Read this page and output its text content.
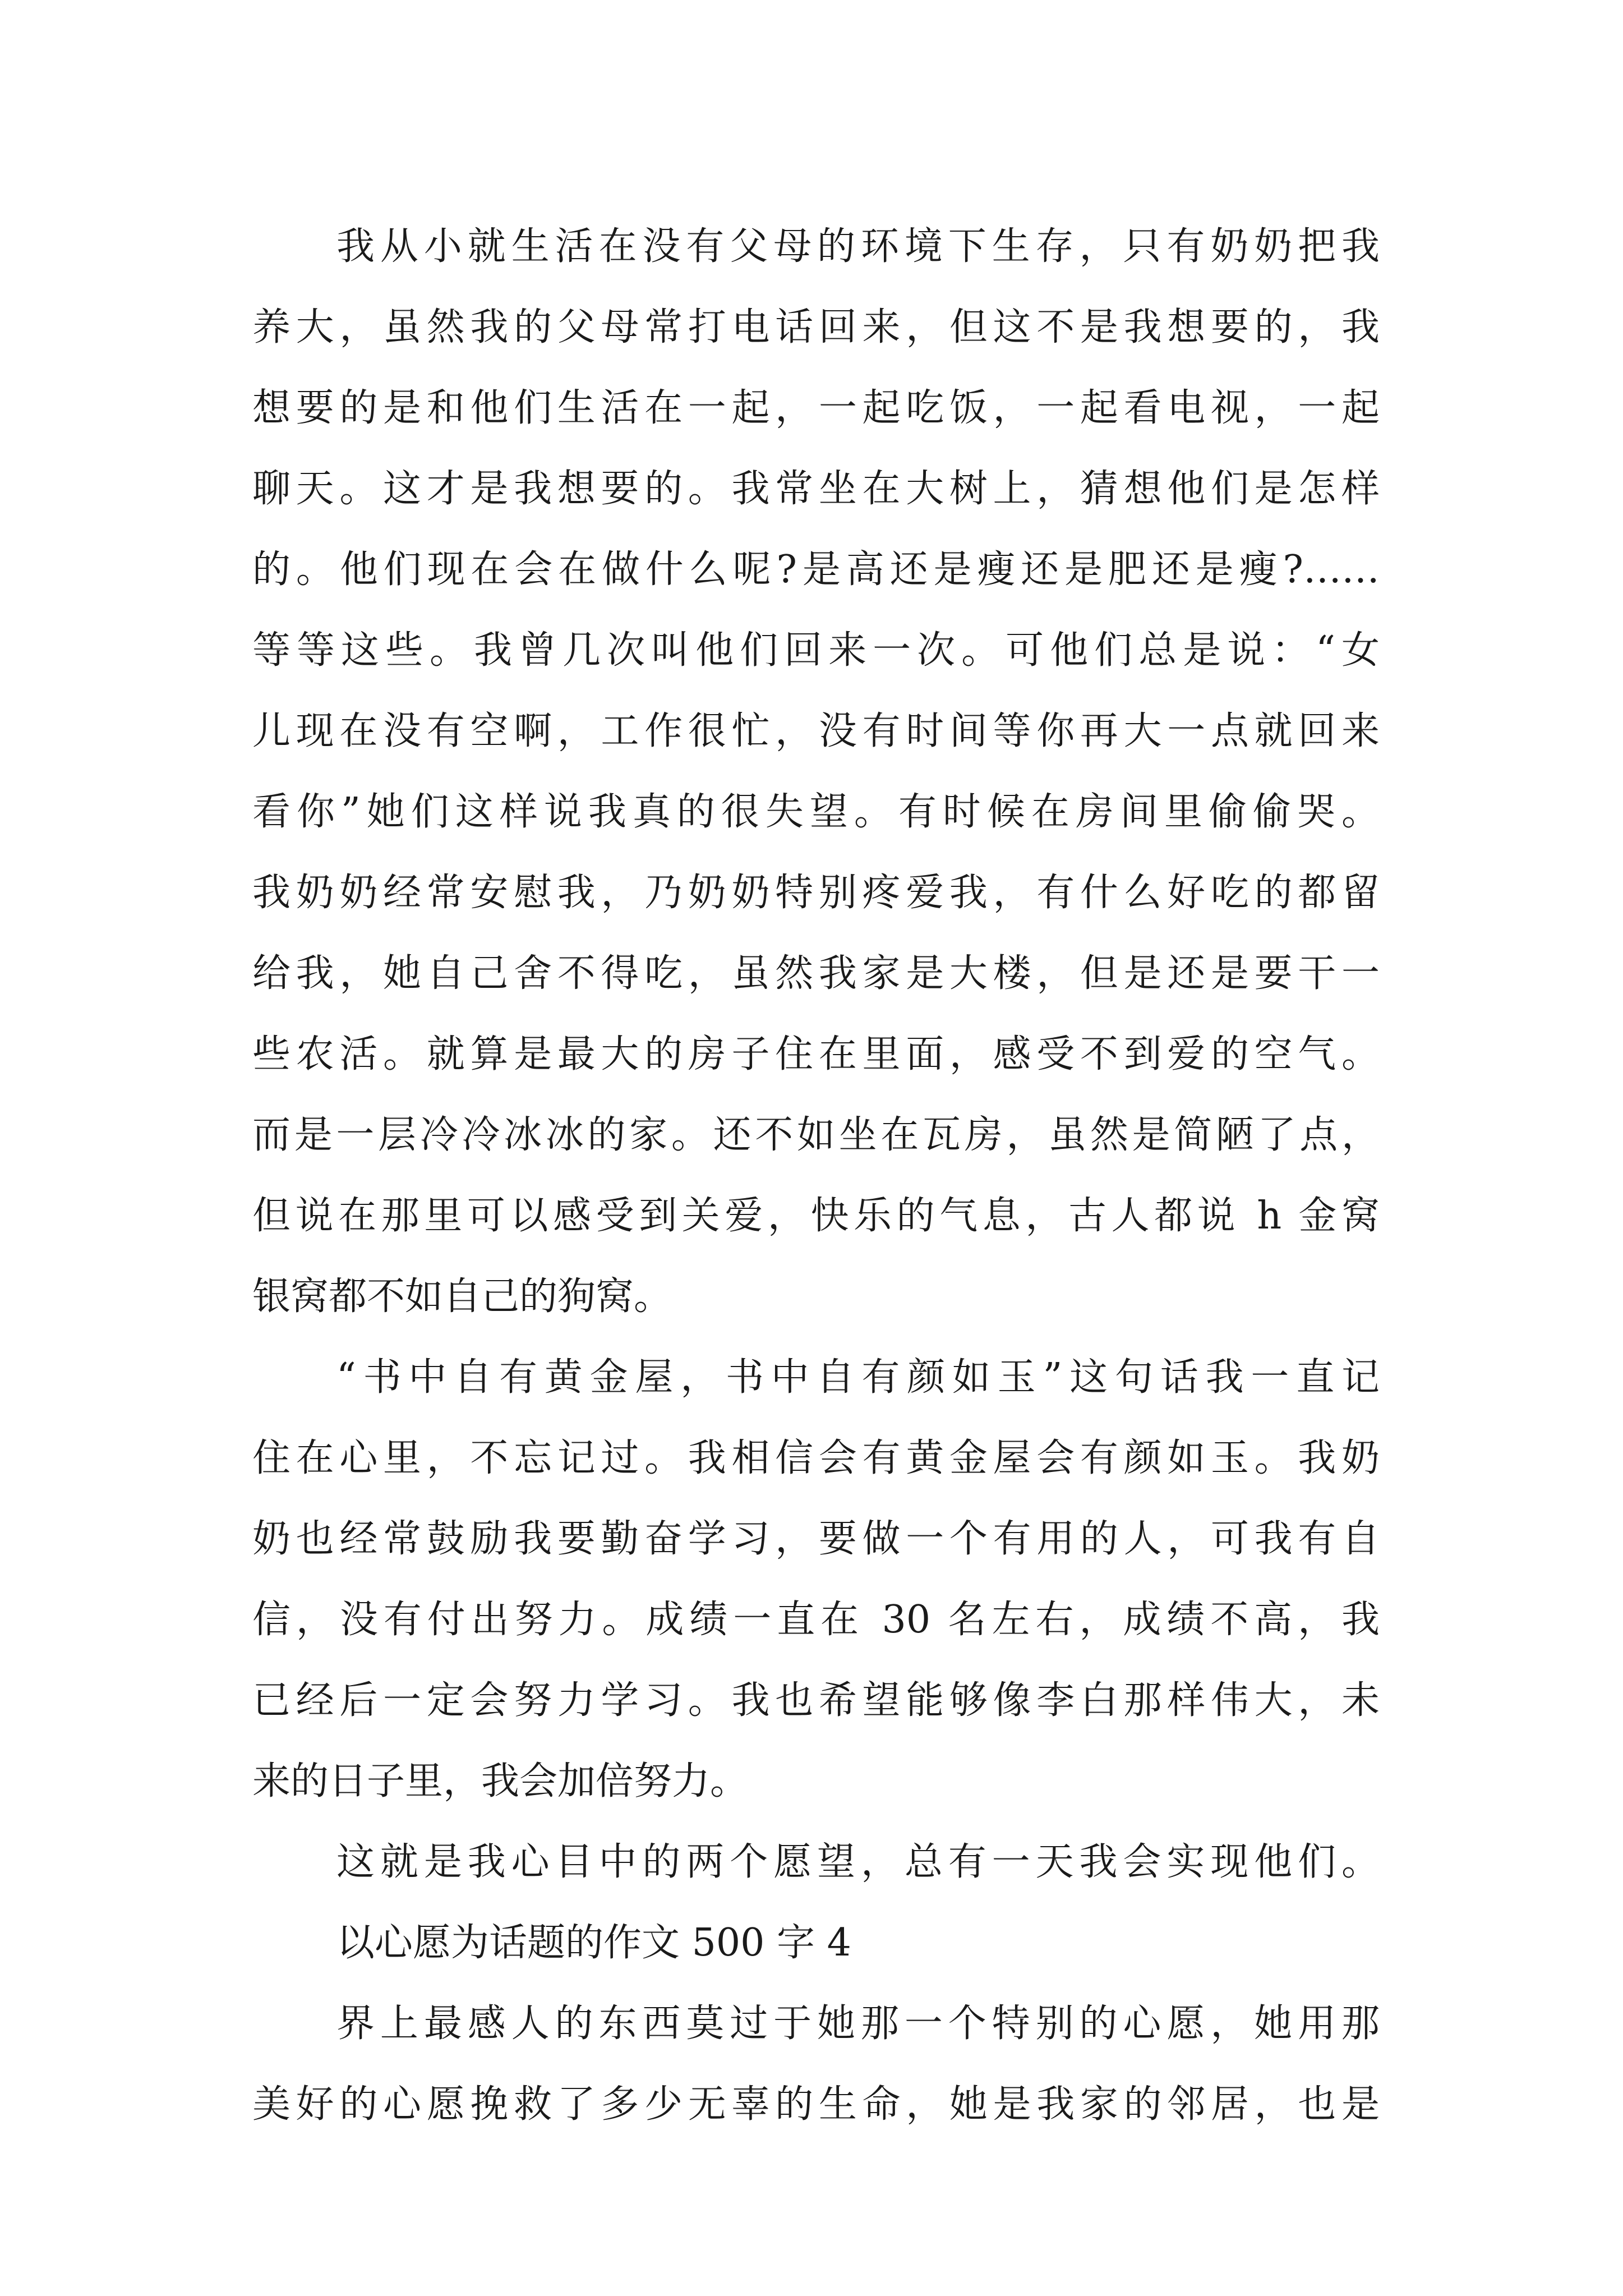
我从小就生活在没有父母的环境下生存，只有奶奶把我
养大，虽然我的父母常打电话回来，但这不是我想要的，我
想要的是和他们生活在一起，一起吃饭，一起看电视，一起
聊天。这才是我想要的。我常坐在大树上，猜想他们是怎样
的。他们现在会在做什么呢?是高还是瘦还是肥还是瘦?……
等等这些。我曾几次叫他们回来一次。可他们总是说：“女
儿现在没有空啊，工作很忙，没有时间等你再大一点就回来
看你”她们这样说我真的很失望。有时候在房间里偷偷哭。
我奶奶经常安慰我，乃奶奶特别疼爱我，有什么好吃的都留
给我，她自己舍不得吃，虽然我家是大楼，但是还是要干一
些农活。就算是最大的房子住在里面，感受不到爱的空气。
而是一层冷冷冰冰的家。还不如坐在瓦房，虽然是简陋了点，
但说在那里可以感受到关爱，快乐的气息，古人都说 h 金窝
银窝都不如自己的狗窝。
“书中自有黄金屋，书中自有颜如玉”这句话我一直记
住在心里，不忘记过。我相信会有黄金屋会有颜如玉。我奶
奶也经常鼓励我要勤奋学习，要做一个有用的人，可我有自
信，没有付出努力。成绩一直在 30 名左右，成绩不高，我
已经后一定会努力学习。我也希望能够像李白那样伟大，未
来的日子里，我会加倍努力。
这就是我心目中的两个愿望，总有一天我会实现他们。
以心愿为话题的作文 500 字 4
界上最感人的东西莫过于她那一个特别的心愿，她用那
美好的心愿挽救了多少无辜的生命，她是我家的邻居，也是
